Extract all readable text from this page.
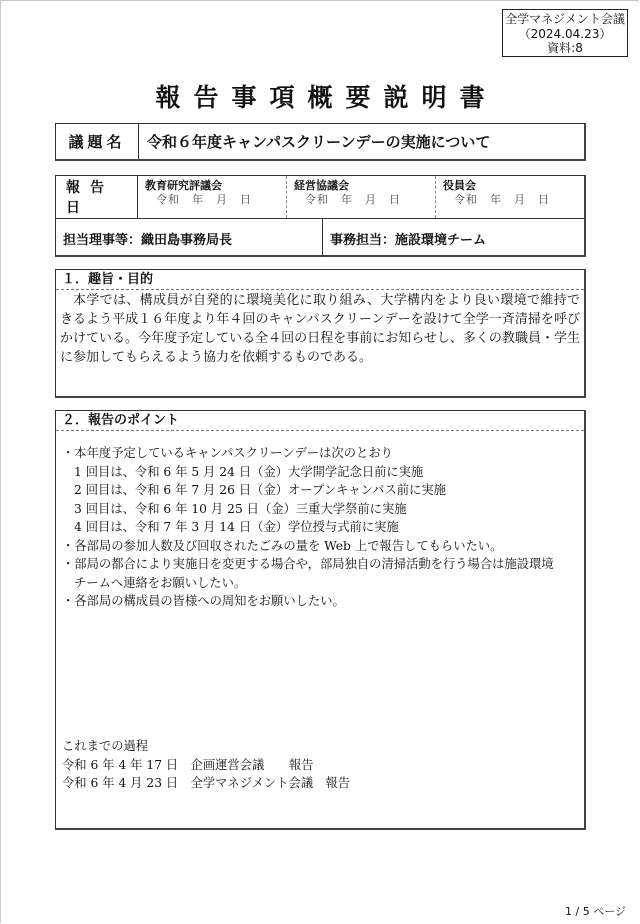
全学マネジメント会議
（2024.04.23）
資料:8
報告事項概要説明書
議題名	令和６年度キャンパスクリーンデーの実施について
報告日
教育研究評議会
令和　年　月　日
経営協議会
令和　年　月　日
役員会
令和　年　月　日
担当理事等：織田島事務局長	事務担当：施設環境チーム
１．趣旨・目的
本学では、構成員が自発的に環境美化に取り組み、大学構内をより良い環境で維持できるよう平成１６年度より年４回のキャンパスクリーンデーを設けて全学一斉清掃を呼びかけている。今年度予定している全４回の日程を事前にお知らせし、多くの教職員・学生に参加してもらえるよう協力を依頼するものである。
２．報告のポイント
・本年度予定しているキャンパスクリーンデーは次のとおり
1 回目は、令和 6 年 5 月 24 日（金）大学開学記念日前に実施
2 回目は、令和 6 年 7 月 26 日（金）オープンキャンパス前に実施
3 回目は、令和 6 年 10 月 25 日（金）三重大学祭前に実施
4 回目は、令和 7 年 3 月 14 日（金）学位授与式前に実施
・各部局の参加人数及び回収されたごみの量を Web 上で報告してもらいたい。
・部局の都合により実施日を変更する場合や，部局独自の清掃活動を行う場合は施設環境
チームへ連絡をお願いしたい。
・各部局の構成員の皆様への周知をお願いしたい。
これまでの過程
令和 6 年 4 年 17 日　企画運営会議　　報告
令和 6 年 4 月 23 日　全学マネジメント会議　報告
1 / 5 ページ
